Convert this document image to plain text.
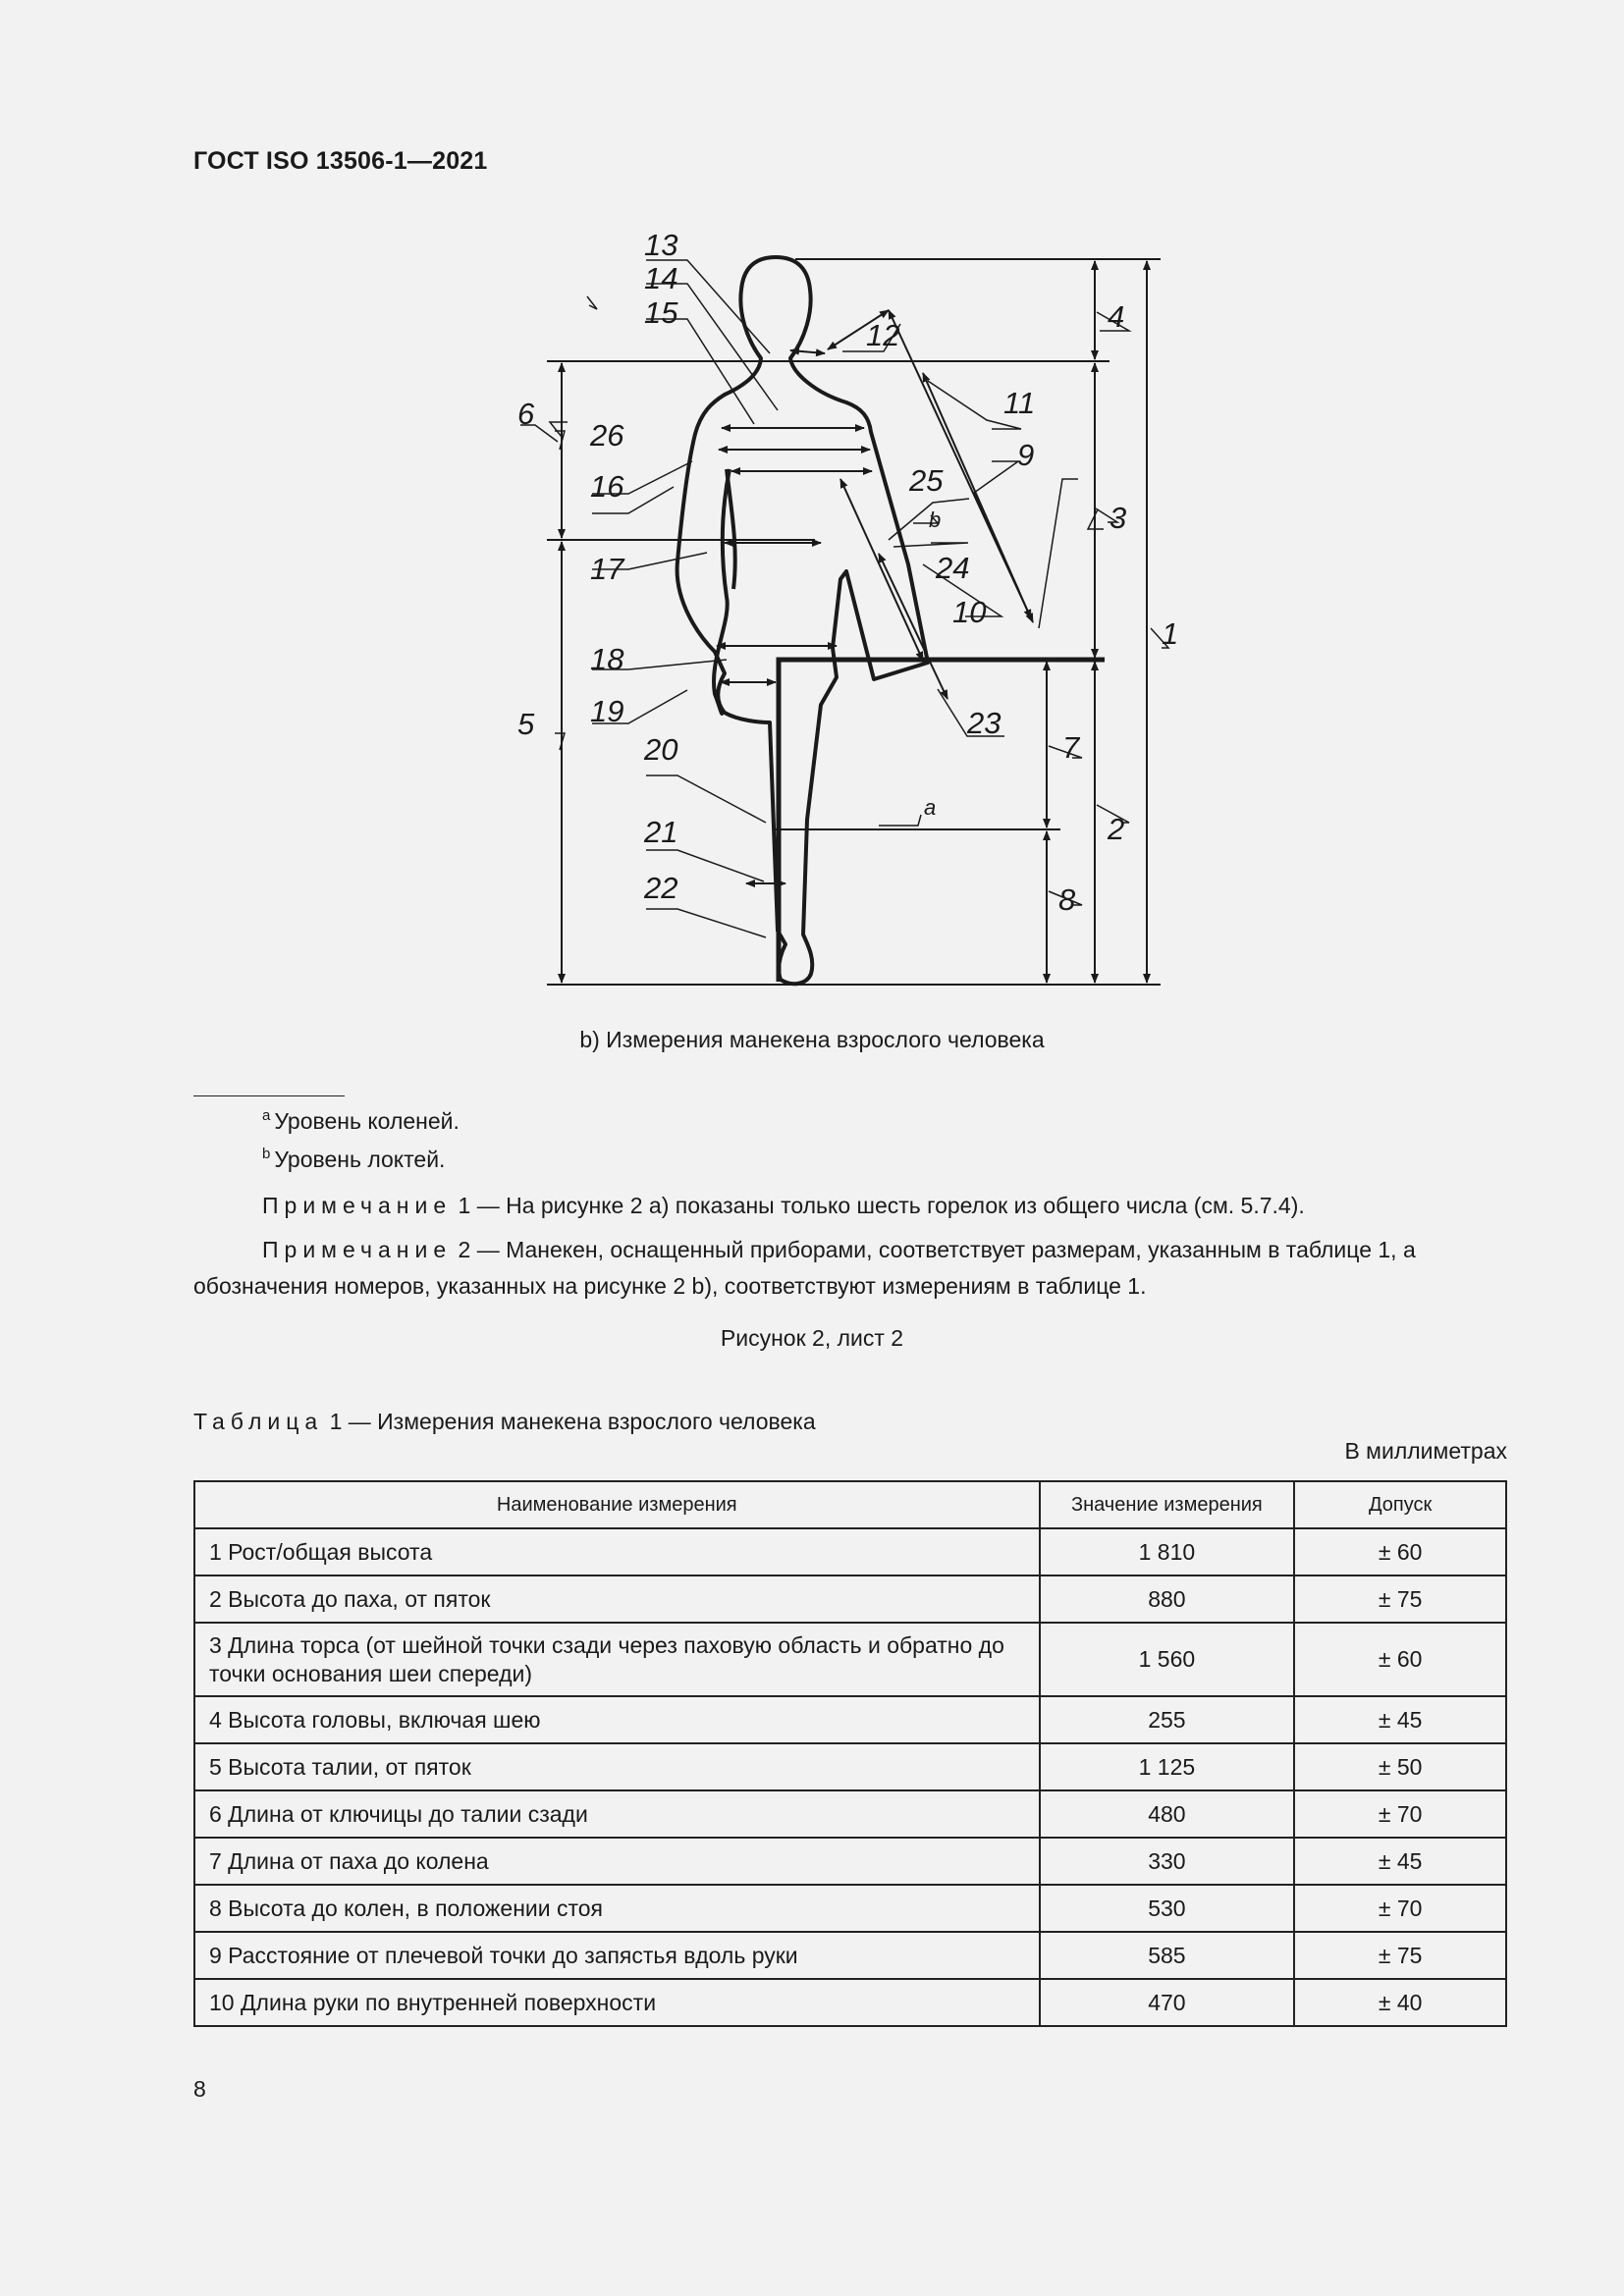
ГОСТ ISO 13506-1—2021
13
14
15
12
4
11
9
6
26
16	25
b	3
17	24
10
1
18
19	23
5
20	7
a
2
21
8
22
b) Измерения манекена взрослого человека
$^a$ Уровень коленей.
$^b$ Уровень локтей.
Примечание 1 — На рисунке 2 а) показаны только шесть горелок из общего числа (см. 5.7.4).
Примечание 2 — Манекен, оснащенный приборами, соответствует размерам, указанным в таблице 1, а обозначения номеров, указанных на рисунке 2 b), соответствуют измерениям в таблице 1.
Рисунок 2, лист 2
Таблица 1 — Измерения манекена взрослого человека
В миллиметрах
Наименование измерения	Значение измерения	Допуск
1 Рост/общая высота	1 810	± 60
2 Высота до паха, от пяток	880	± 75
3 Длина торса (от шейной точки сзади через паховую область и обратно до точки основания шеи спереди)	1 560	± 60
4 Высота головы, включая шею	255	± 45
5 Высота талии, от пяток	1 125	± 50
6 Длина от ключицы до талии сзади	480	± 70
7 Длина от паха до колена	330	± 45
8 Высота до колен, в положении стоя	530	± 70
9 Расстояние от плечевой точки до запястья вдоль руки	585	± 75
10 Длина руки по внутренней поверхности	470	± 40
8
